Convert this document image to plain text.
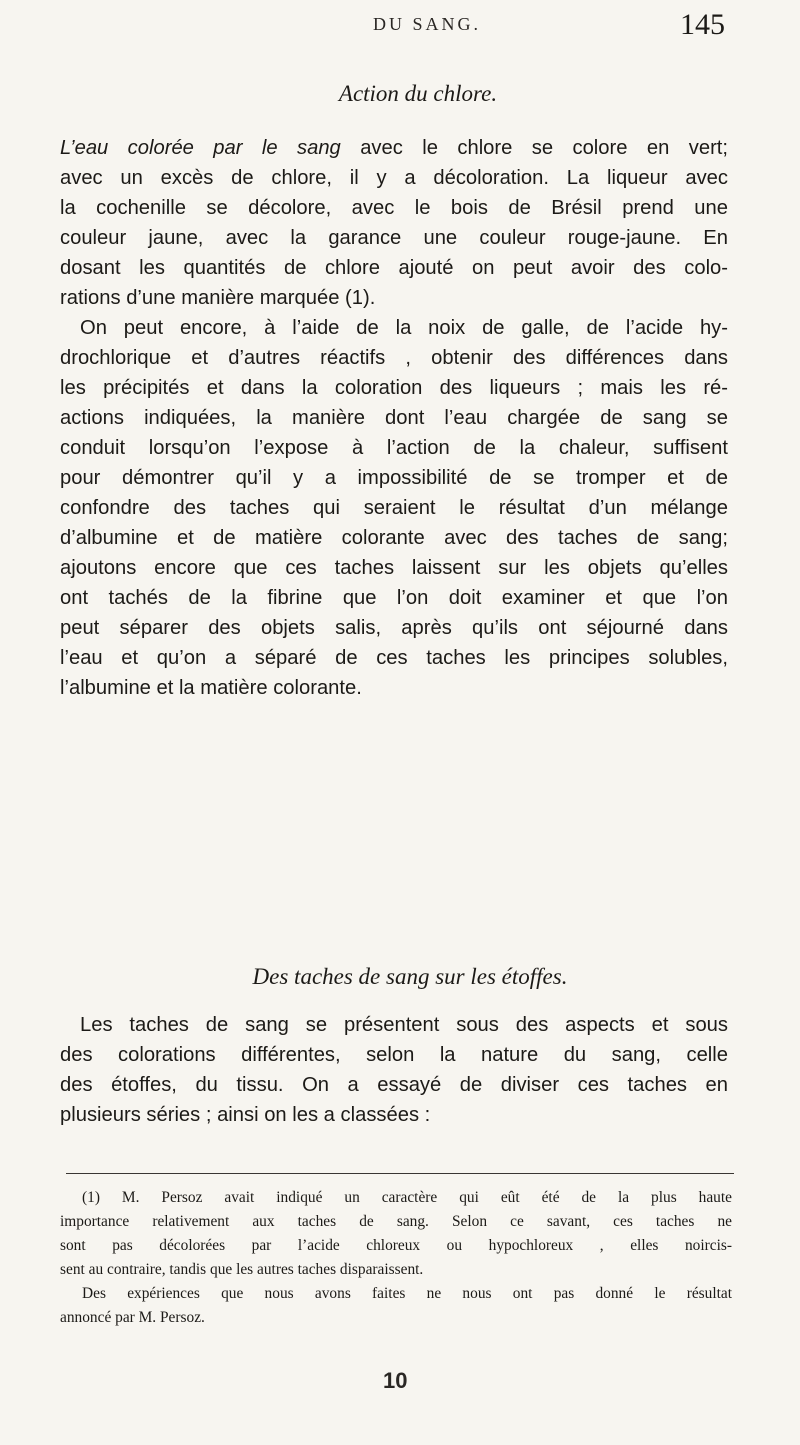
DU SANG.	145
Action du chlore.
L’eau colorée par le sang avec le chlore se colore en vert;
avec un excès de chlore, il y a décoloration. La liqueur avec
la cochenille se décolore, avec le bois de Brésil prend une
couleur jaune, avec la garance une couleur rouge-jaune. En
dosant les quantités de chlore ajouté on peut avoir des colo-
rations d’une manière marquée (1).
On peut encore, à l’aide de la noix de galle, de l’acide hy-
drochlorique et d’autres réactifs , obtenir des différences dans
les précipités et dans la coloration des liqueurs ; mais les ré-
actions indiquées, la manière dont l’eau chargée de sang se
conduit lorsqu’on l’expose à l’action de la chaleur, suffisent
pour démontrer qu’il y a impossibilité de se tromper et de
confondre des taches qui seraient le résultat d’un mélange
d’albumine et de matière colorante avec des taches de sang;
ajoutons encore que ces taches laissent sur les objets qu’elles
ont tachés de la fibrine que l’on doit examiner et que l’on
peut séparer des objets salis, après qu’ils ont séjourné dans
l’eau et qu’on a séparé de ces taches les principes solubles,
l’albumine et la matière colorante.
Des taches de sang sur les étoffes.
Les taches de sang se présentent sous des aspects et sous
des colorations différentes, selon la nature du sang, celle
des étoffes, du tissu. On a essayé de diviser ces taches en
plusieurs séries ; ainsi on les a classées :
(1) M. Persoz avait indiqué un caractère qui eût été de la plus haute
importance relativement aux taches de sang. Selon ce savant, ces taches ne
sont pas décolorées par l’acide chloreux ou hypochloreux , elles noircis-
sent au contraire, tandis que les autres taches disparaissent.
Des expériences que nous avons faites ne nous ont pas donné le résultat
annoncé par M. Persoz.
10
